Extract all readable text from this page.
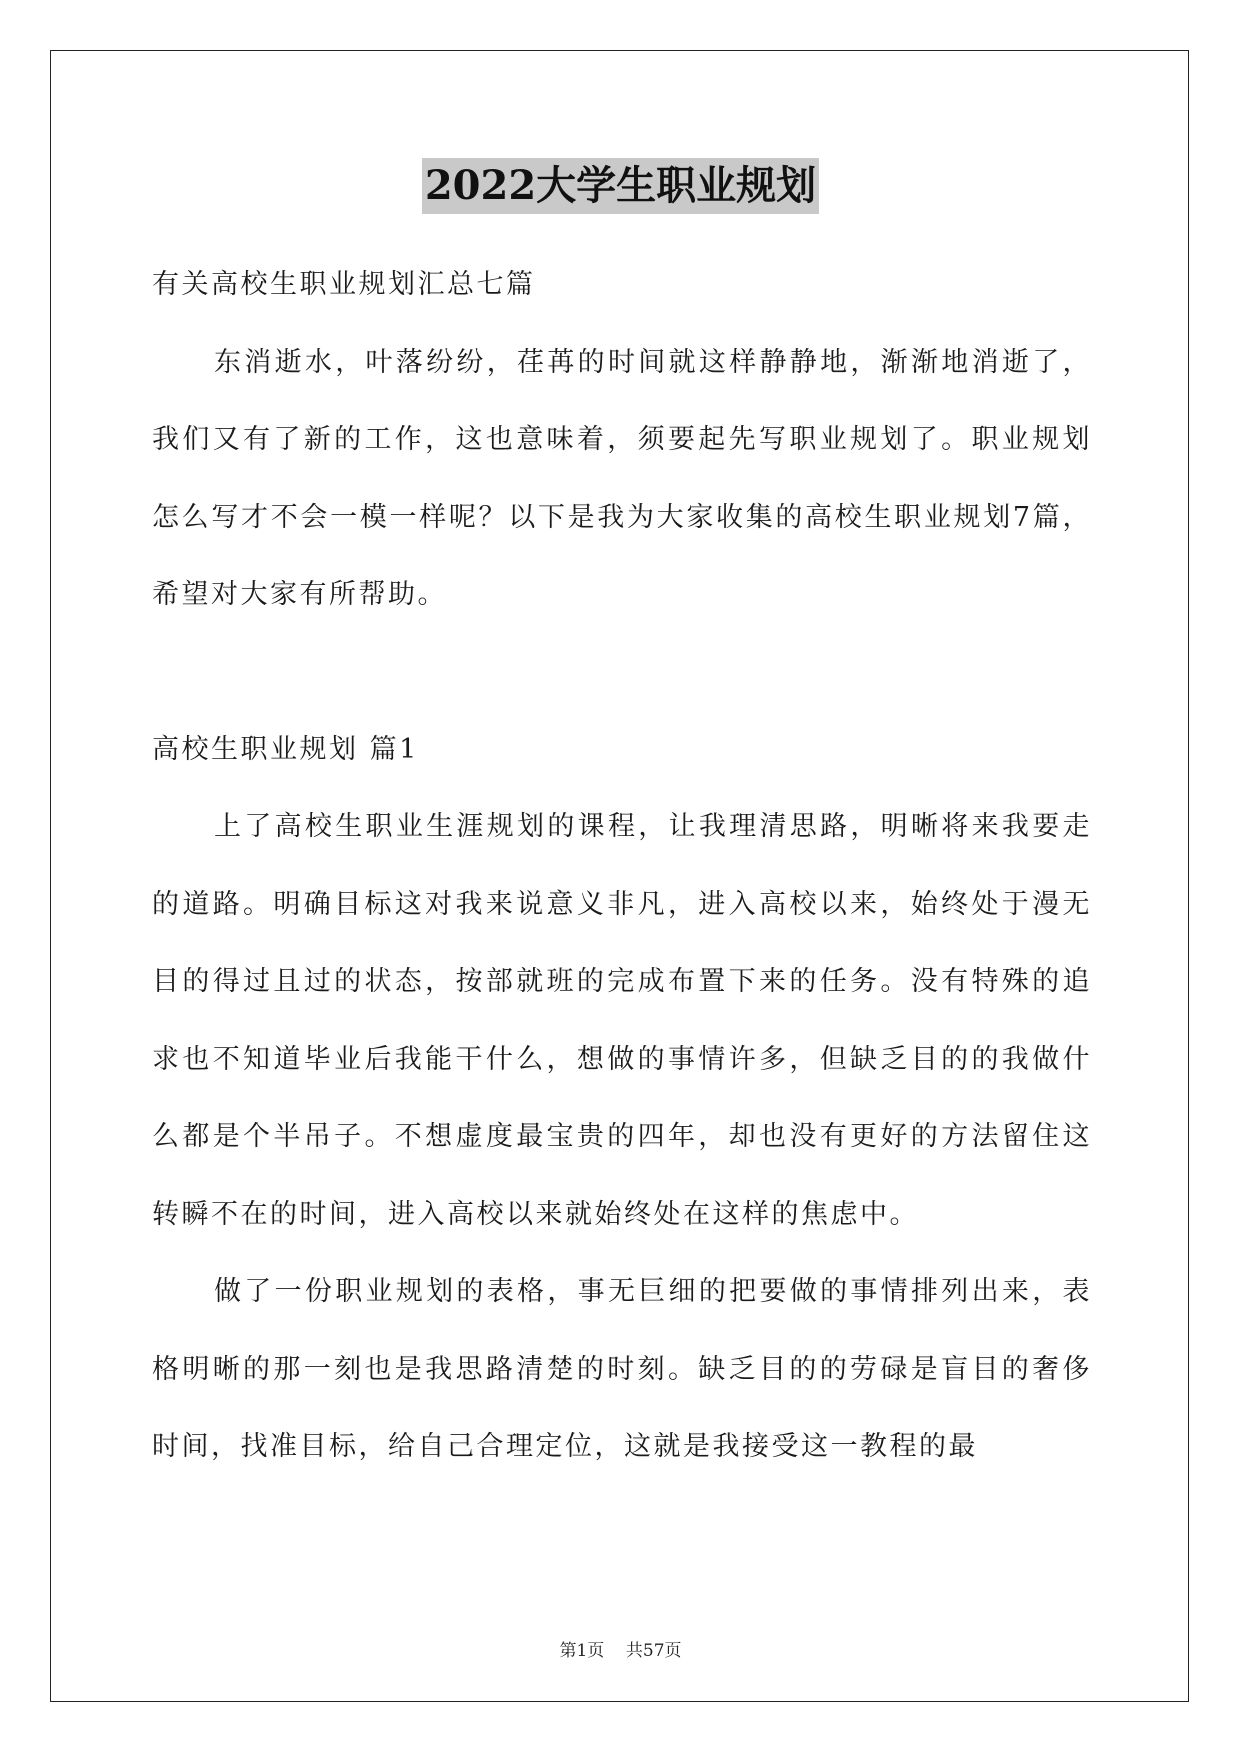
2022大学生职业规划

有关高校生职业规划汇总七篇

东消逝水，叶落纷纷，荏苒的时间就这样静静地，渐渐地消逝了，我们又有了新的工作，这也意味着，须要起先写职业规划了。职业规划怎么写才不会一模一样呢？以下是我为大家收集的高校生职业规划7篇，希望对大家有所帮助。

高校生职业规划 篇1

上了高校生职业生涯规划的课程，让我理清思路，明晰将来我要走的道路。明确目标这对我来说意义非凡，进入高校以来，始终处于漫无目的得过且过的状态，按部就班的完成布置下来的任务。没有特殊的追求也不知道毕业后我能干什么，想做的事情许多，但缺乏目的的我做什么都是个半吊子。不想虚度最宝贵的四年，却也没有更好的方法留住这转瞬不在的时间，进入高校以来就始终处在这样的焦虑中。

做了一份职业规划的表格，事无巨细的把要做的事情排列出来，表格明晰的那一刻也是我思路清楚的时刻。缺乏目的的劳碌是盲目的奢侈时间，找准目标，给自己合理定位，这就是我接受这一教程的最

第1页    共57页
